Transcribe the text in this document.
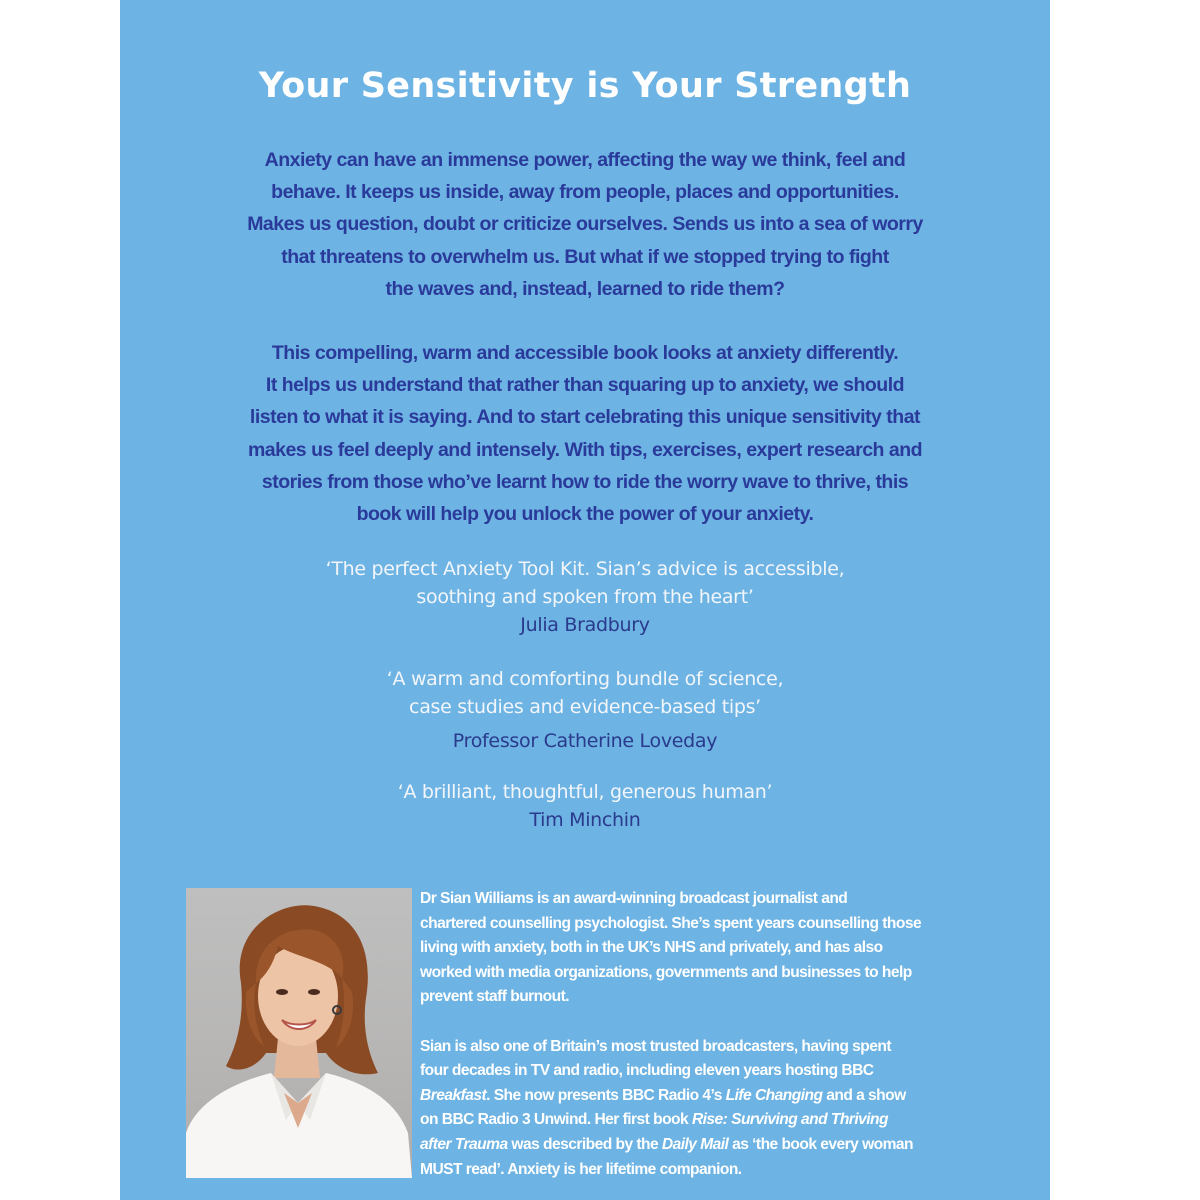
Your Sensitivity is Your Strength
Anxiety can have an immense power, affecting the way we think, feel and
behave. It keeps us inside, away from people, places and opportunities.
Makes us question, doubt or criticize ourselves. Sends us into a sea of worry
that threatens to overwhelm us. But what if we stopped trying to fight
the waves and, instead, learned to ride them?
This compelling, warm and accessible book looks at anxiety differently.
It helps us understand that rather than squaring up to anxiety, we should
listen to what it is saying. And to start celebrating this unique sensitivity that
makes us feel deeply and intensely. With tips, exercises, expert research and
stories from those who’ve learnt how to ride the worry wave to thrive, this
book will help you unlock the power of your anxiety.
‘The perfect Anxiety Tool Kit. Sian’s advice is accessible,
soothing and spoken from the heart’
Julia Bradbury
‘A warm and comforting bundle of science,
case studies and evidence-based tips’
Professor Catherine Loveday
‘A brilliant, thoughtful, generous human’
Tim Minchin

Dr Sian Williams is an award-winning broadcast journalist and
chartered counselling psychologist. She’s spent years counselling those
living with anxiety, both in the UK’s NHS and privately, and has also
worked with media organizations, governments and businesses to help
prevent staff burnout.

Sian is also one of Britain’s most trusted broadcasters, having spent
four decades in TV and radio, including eleven years hosting BBC
Breakfast. She now presents BBC Radio 4’s Life Changing and a show
on BBC Radio 3 Unwind. Her first book Rise: Surviving and Thriving
after Trauma was described by the Daily Mail as ‘the book every woman
MUST read’. Anxiety is her lifetime companion.
